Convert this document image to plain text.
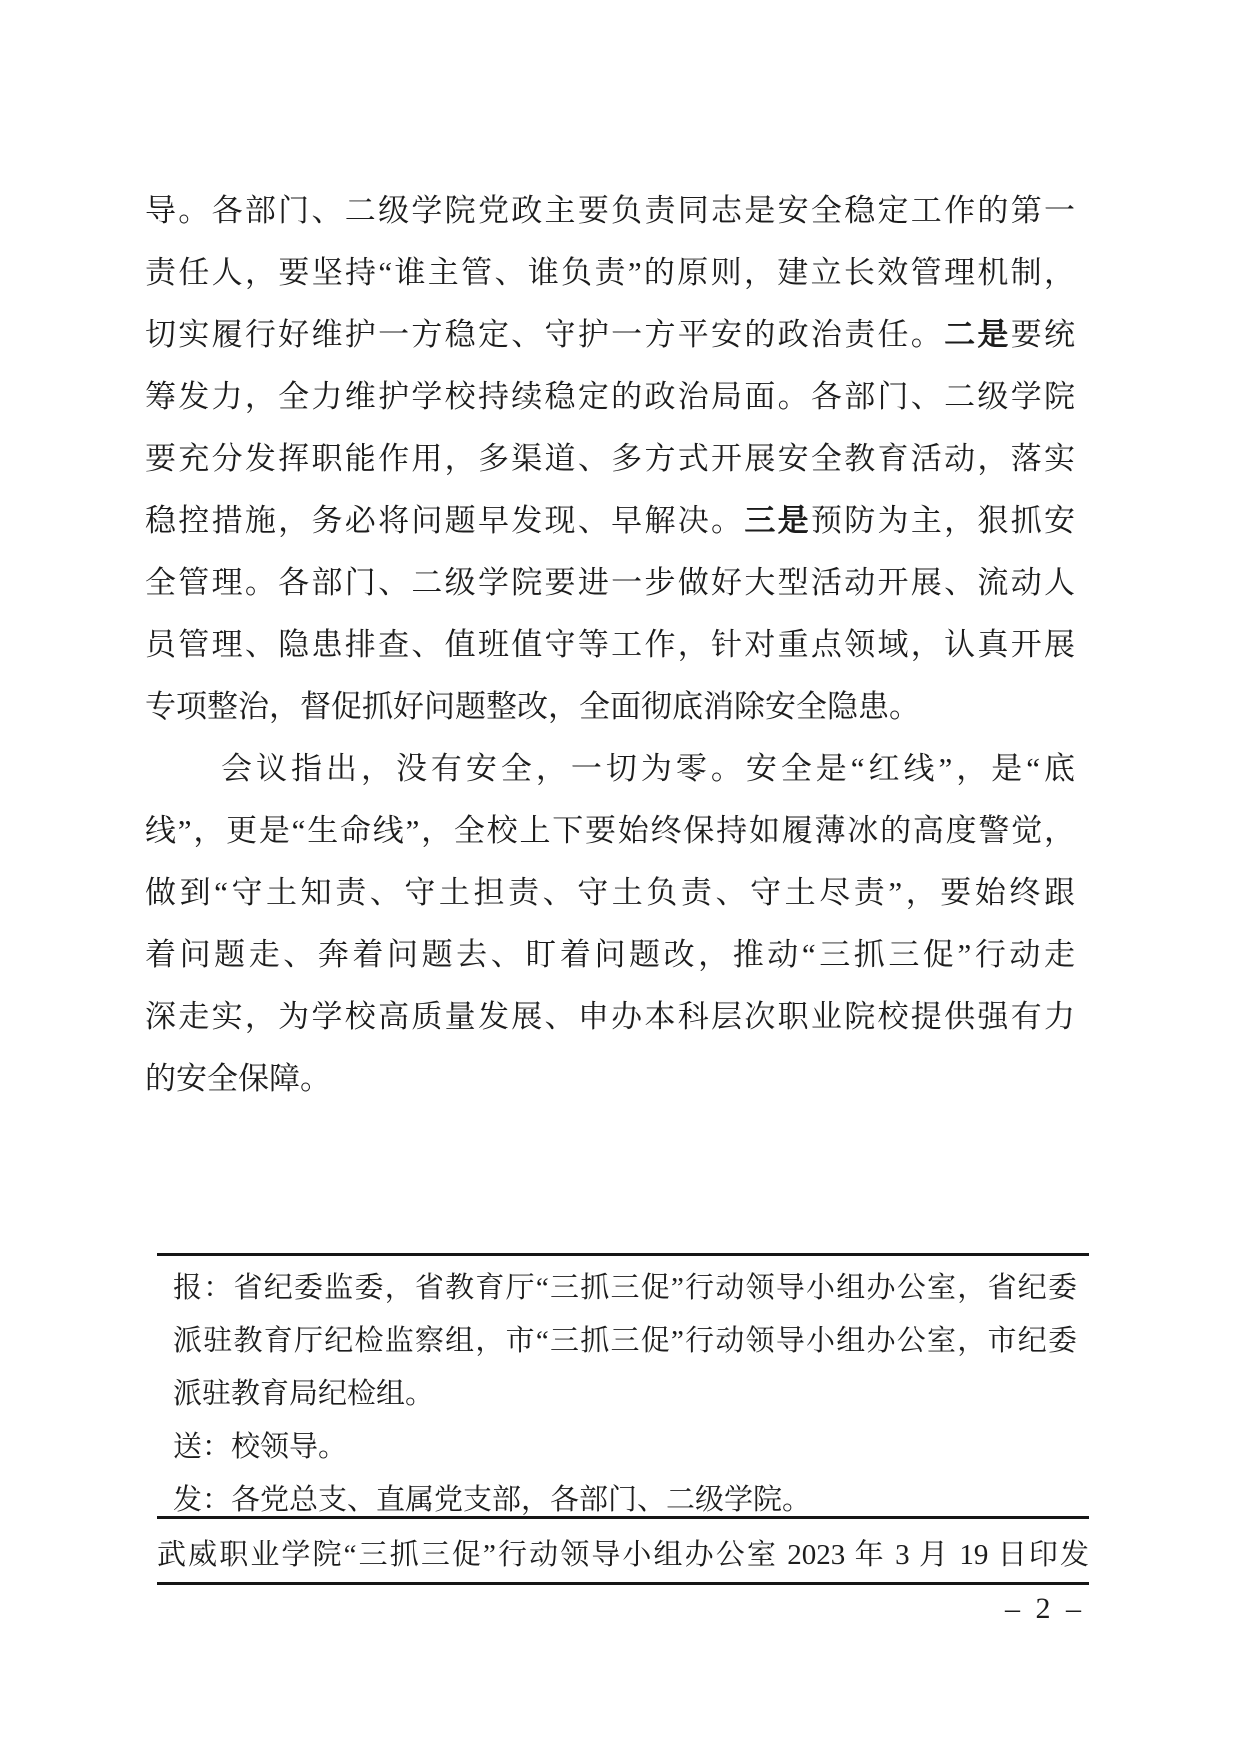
导。各部门、二级学院党政主要负责同志是安全稳定工作的第一
责任人，要坚持“谁主管、谁负责”的原则，建立长效管理机制，
切实履行好维护一方稳定、守护一方平安的政治责任。二是要统
筹发力，全力维护学校持续稳定的政治局面。各部门、二级学院
要充分发挥职能作用，多渠道、多方式开展安全教育活动，落实
稳控措施，务必将问题早发现、早解决。三是预防为主，狠抓安
全管理。各部门、二级学院要进一步做好大型活动开展、流动人
员管理、隐患排查、值班值守等工作，针对重点领域，认真开展
专项整治，督促抓好问题整改，全面彻底消除安全隐患。
会议指出，没有安全，一切为零。安全是“红线”，是“底
线”，更是“生命线”，全校上下要始终保持如履薄冰的高度警觉，
做到“守土知责、守土担责、守土负责、守土尽责”，要始终跟
着问题走、奔着问题去、盯着问题改，推动“三抓三促”行动走
深走实，为学校高质量发展、申办本科层次职业院校提供强有力
的安全保障。
报：省纪委监委，省教育厅“三抓三促”行动领导小组办公室，省纪委
派驻教育厅纪检监察组，市“三抓三促”行动领导小组办公室，市纪委
派驻教育局纪检组。
送：校领导。
发：各党总支、直属党支部，各部门、二级学院。
武威职业学院“三抓三促”行动领导小组办公室 2023 年 3 月 19 日印发
– 2 –
